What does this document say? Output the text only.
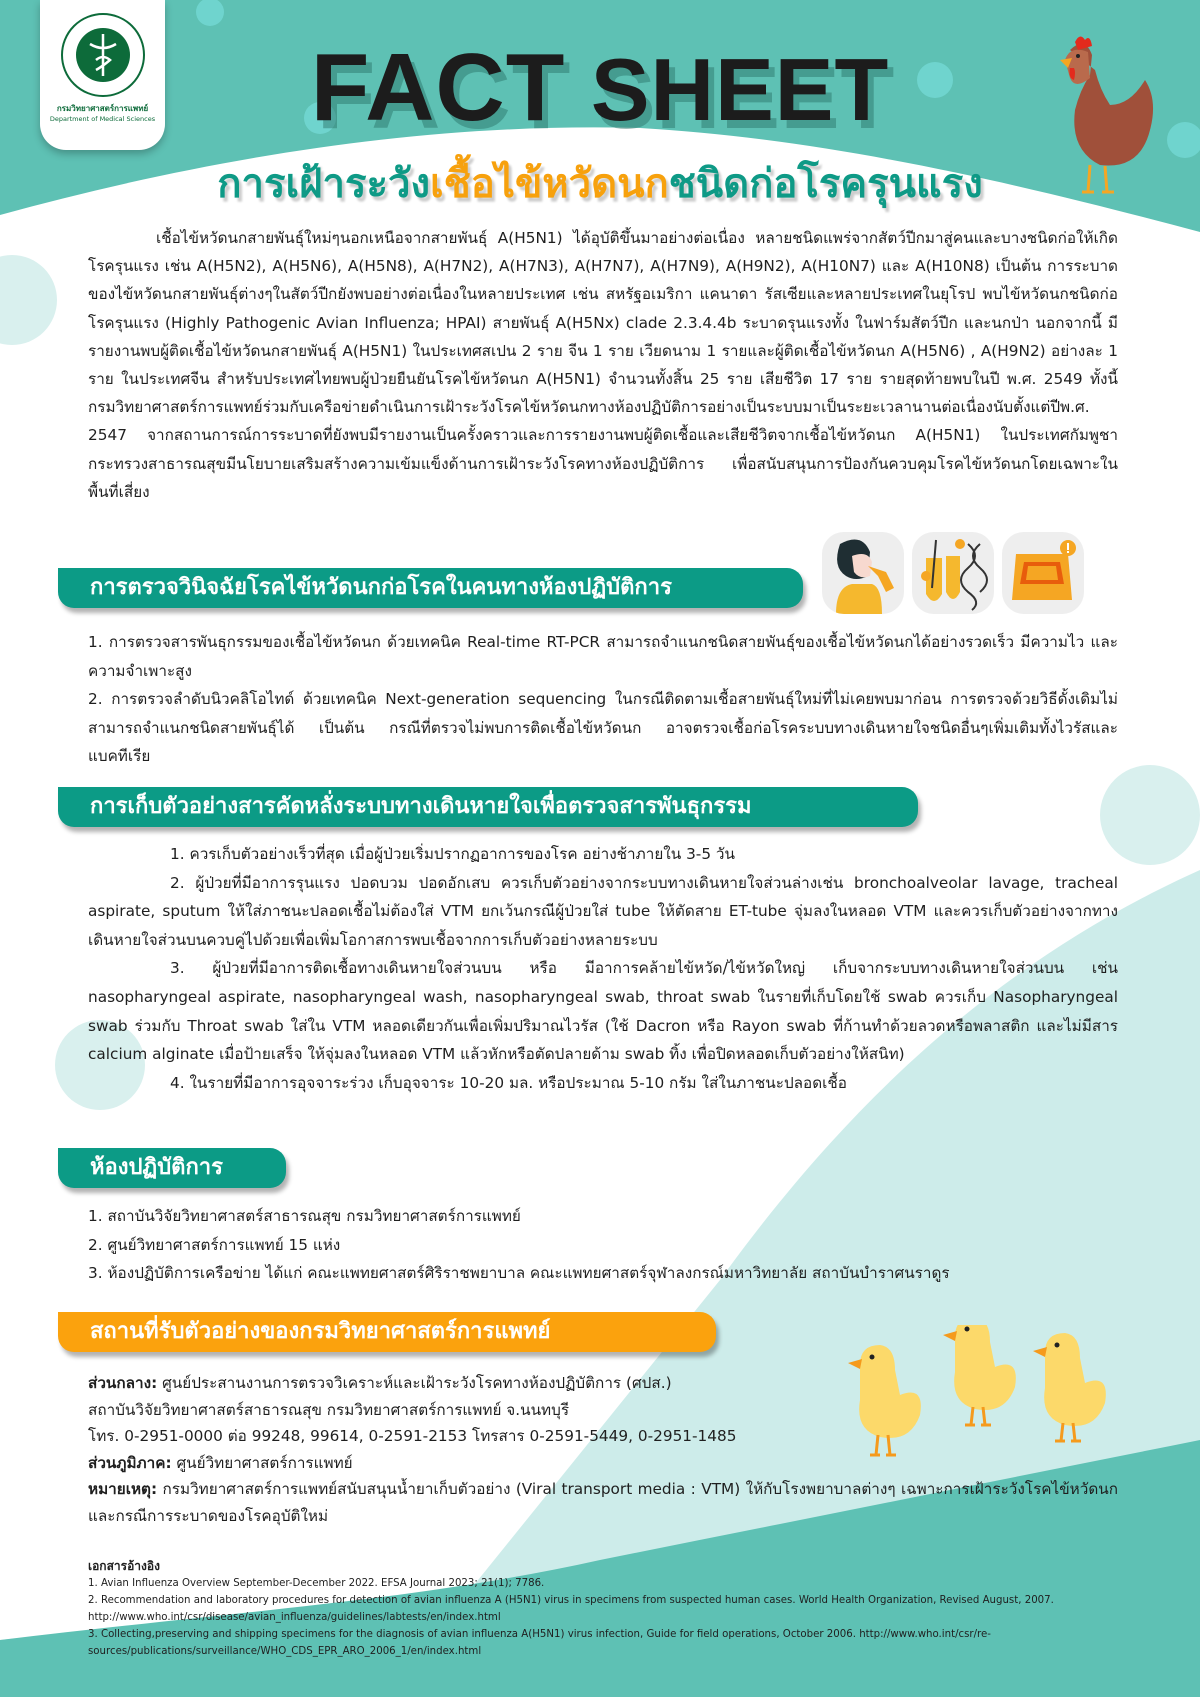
กรมวิทยาศาสตร์การแพทย์
Department of Medical Sciences	FACT SHEET
การเฝ้าระวังเชื้อไข้หวัดนกชนิดก่อโรครุนแรง
เชื้อไข้หวัดนกสายพันธุ์ใหม่ๆนอกเหนือจากสายพันธุ์ A(H5N1) ได้อุบัติขึ้นมาอย่างต่อเนื่อง หลายชนิดแพร่จากสัตว์ปีกมาสู่คนและบางชนิดก่อให้เกิดโรครุนแรง เช่น A(H5N2), A(H5N6), A(H5N8), A(H7N2), A(H7N3), A(H7N7), A(H7N9), A(H9N2), A(H10N7) และ A(H10N8) เป็นต้น การระบาดของไข้หวัดนกสายพันธุ์ต่างๆในสัตว์ปีกยังพบอย่างต่อเนื่องในหลายประเทศ เช่น สหรัฐอเมริกา แคนาดา รัสเซียและหลายประเทศในยุโรป พบไข้หวัดนกชนิดก่อโรครุนแรง (Highly Pathogenic Avian Influenza; HPAI) สายพันธุ์ A(H5Nx) clade 2.3.4.4b ระบาดรุนแรงทั้ง ในฟาร์มสัตว์ปีก และนกป่า นอกจากนี้ มีรายงานพบผู้ติดเชื้อไข้หวัดนกสายพันธุ์ A(H5N1) ในประเทศสเปน 2 ราย จีน 1 ราย เวียดนาม 1 รายและผู้ติดเชื้อไข้หวัดนก A(H5N6) , A(H9N2) อย่างละ 1 ราย ในประเทศจีน สำหรับประเทศไทยพบผู้ป่วยยืนยันโรคไข้หวัดนก A(H5N1) จำนวนทั้งสิ้น 25 ราย เสียชีวิต 17 ราย รายสุดท้ายพบในปี พ.ศ. 2549 ทั้งนี้ กรมวิทยาศาสตร์การแพทย์ร่วมกับเครือข่ายดำเนินการเฝ้าระวังโรคไข้หวัดนกทางห้องปฏิบัติการอย่างเป็นระบบมาเป็นระยะเวลานานต่อเนื่องนับตั้งแต่ปีพ.ศ. 2547 จากสถานการณ์การระบาดที่ยังพบมีรายงานเป็นครั้งคราวและการรายงานพบผู้ติดเชื้อและเสียชีวิตจากเชื้อไข้หวัดนก A(H5N1) ในประเทศกัมพูชา กระทรวงสาธารณสุขมีนโยบายเสริมสร้างความเข้มแข็งด้านการเฝ้าระวังโรคทางห้องปฏิบัติการ เพื่อสนับสนุนการป้องกันควบคุมโรคไข้หวัดนกโดยเฉพาะในพื้นที่เสี่ยง
การตรวจวินิจฉัยโรคไข้หวัดนกก่อโรคในคนทางห้องปฏิบัติการ
1. การตรวจสารพันธุกรรมของเชื้อไข้หวัดนก ด้วยเทคนิค Real-time RT-PCR สามารถจำแนกชนิดสายพันธุ์ของเชื้อไข้หวัดนกได้อย่างรวดเร็ว มีความไว และความจำเพาะสูง
2. การตรวจลำดับนิวคลิโอไทด์ ด้วยเทคนิค Next-generation sequencing ในกรณีติดตามเชื้อสายพันธุ์ใหม่ที่ไม่เคยพบมาก่อน การตรวจด้วยวิธีดั้งเดิมไม่สามารถจำแนกชนิดสายพันธุ์ได้ เป็นต้น กรณีที่ตรวจไม่พบการติดเชื้อไข้หวัดนก อาจตรวจเชื้อก่อโรคระบบทางเดินหายใจชนิดอื่นๆเพิ่มเติมทั้งไวรัสและแบคทีเรีย
การเก็บตัวอย่างสารคัดหลั่งระบบทางเดินหายใจเพื่อตรวจสารพันธุกรรม
1. ควรเก็บตัวอย่างเร็วที่สุด เมื่อผู้ป่วยเริ่มปรากฏอาการของโรค อย่างช้าภายใน 3-5 วัน
2. ผู้ป่วยที่มีอาการรุนแรง ปอดบวม ปอดอักเสบ ควรเก็บตัวอย่างจากระบบทางเดินหายใจส่วนล่างเช่น bronchoalveolar lavage, tracheal aspirate, sputum ให้ใส่ภาชนะปลอดเชื้อไม่ต้องใส่ VTM ยกเว้นกรณีผู้ป่วยใส่ tube ให้ตัดสาย ET-tube จุ่มลงในหลอด VTM และควรเก็บตัวอย่างจากทางเดินหายใจส่วนบนควบคู่ไปด้วยเพื่อเพิ่มโอกาสการพบเชื้อจากการเก็บตัวอย่างหลายระบบ
3. ผู้ป่วยที่มีอาการติดเชื้อทางเดินหายใจส่วนบน หรือ มีอาการคล้ายไข้หวัด/ไข้หวัดใหญ่ เก็บจากระบบทางเดินหายใจส่วนบน เช่น nasopharyngeal aspirate, nasopharyngeal wash, nasopharyngeal swab, throat swab ในรายที่เก็บโดยใช้ swab ควรเก็บ Nasopharyngeal swab ร่วมกับ Throat swab ใส่ใน VTM หลอดเดียวกันเพื่อเพิ่มปริมาณไวรัส (ใช้ Dacron หรือ Rayon swab ที่ก้านทำด้วยลวดหรือพลาสติก และไม่มีสาร calcium alginate เมื่อป้ายเสร็จ ให้จุ่มลงในหลอด VTM แล้วหักหรือตัดปลายด้าม swab ทิ้ง เพื่อปิดหลอดเก็บตัวอย่างให้สนิท)
4. ในรายที่มีอาการอุจจาระร่วง เก็บอุจจาระ 10-20 มล. หรือประมาณ 5-10 กรัม ใส่ในภาชนะปลอดเชื้อ
ห้องปฏิบัติการ
1. สถาบันวิจัยวิทยาศาสตร์สาธารณสุข กรมวิทยาศาสตร์การแพทย์
2. ศูนย์วิทยาศาสตร์การแพทย์ 15 แห่ง
3. ห้องปฏิบัติการเครือข่าย ได้แก่ คณะแพทยศาสตร์ศิริราชพยาบาล คณะแพทยศาสตร์จุฬาลงกรณ์มหาวิทยาลัย สถาบันบำราศนราดูร
สถานที่รับตัวอย่างของกรมวิทยาศาสตร์การแพทย์
ส่วนกลาง: ศูนย์ประสานงานการตรวจวิเคราะห์และเฝ้าระวังโรคทางห้องปฏิบัติการ (ศปส.)
สถาบันวิจัยวิทยาศาสตร์สาธารณสุข กรมวิทยาศาสตร์การแพทย์ จ.นนทบุรี
โทร. 0-2951-0000 ต่อ 99248, 99614, 0-2591-2153 โทรสาร 0-2591-5449, 0-2951-1485
ส่วนภูมิภาค: ศูนย์วิทยาศาสตร์การแพทย์
หมายเหตุ: กรมวิทยาศาสตร์การแพทย์สนับสนุนน้ำยาเก็บตัวอย่าง (Viral transport media : VTM) ให้กับโรงพยาบาลต่างๆ เฉพาะการเฝ้าระวังโรคไข้หวัดนก และกรณีการระบาดของโรคอุบัติใหม่
เอกสารอ้างอิง
1. Avian Influenza Overview September-December 2022. EFSA Journal 2023; 21(1); 7786.
2. Recommendation and laboratory procedures for detection of avian influenza A (H5N1) virus in specimens from suspected human cases. World Health Organization, Revised August, 2007. http://www.who.int/csr/disease/avian_influenza/guidelines/labtests/en/index.html
3. Collecting,preserving and shipping specimens for the diagnosis of avian influenza A(H5N1) virus infection, Guide for field operations, October 2006. http://www.who.int/csr/re-sources/publications/surveillance/WHO_CDS_EPR_ARO_2006_1/en/index.html
